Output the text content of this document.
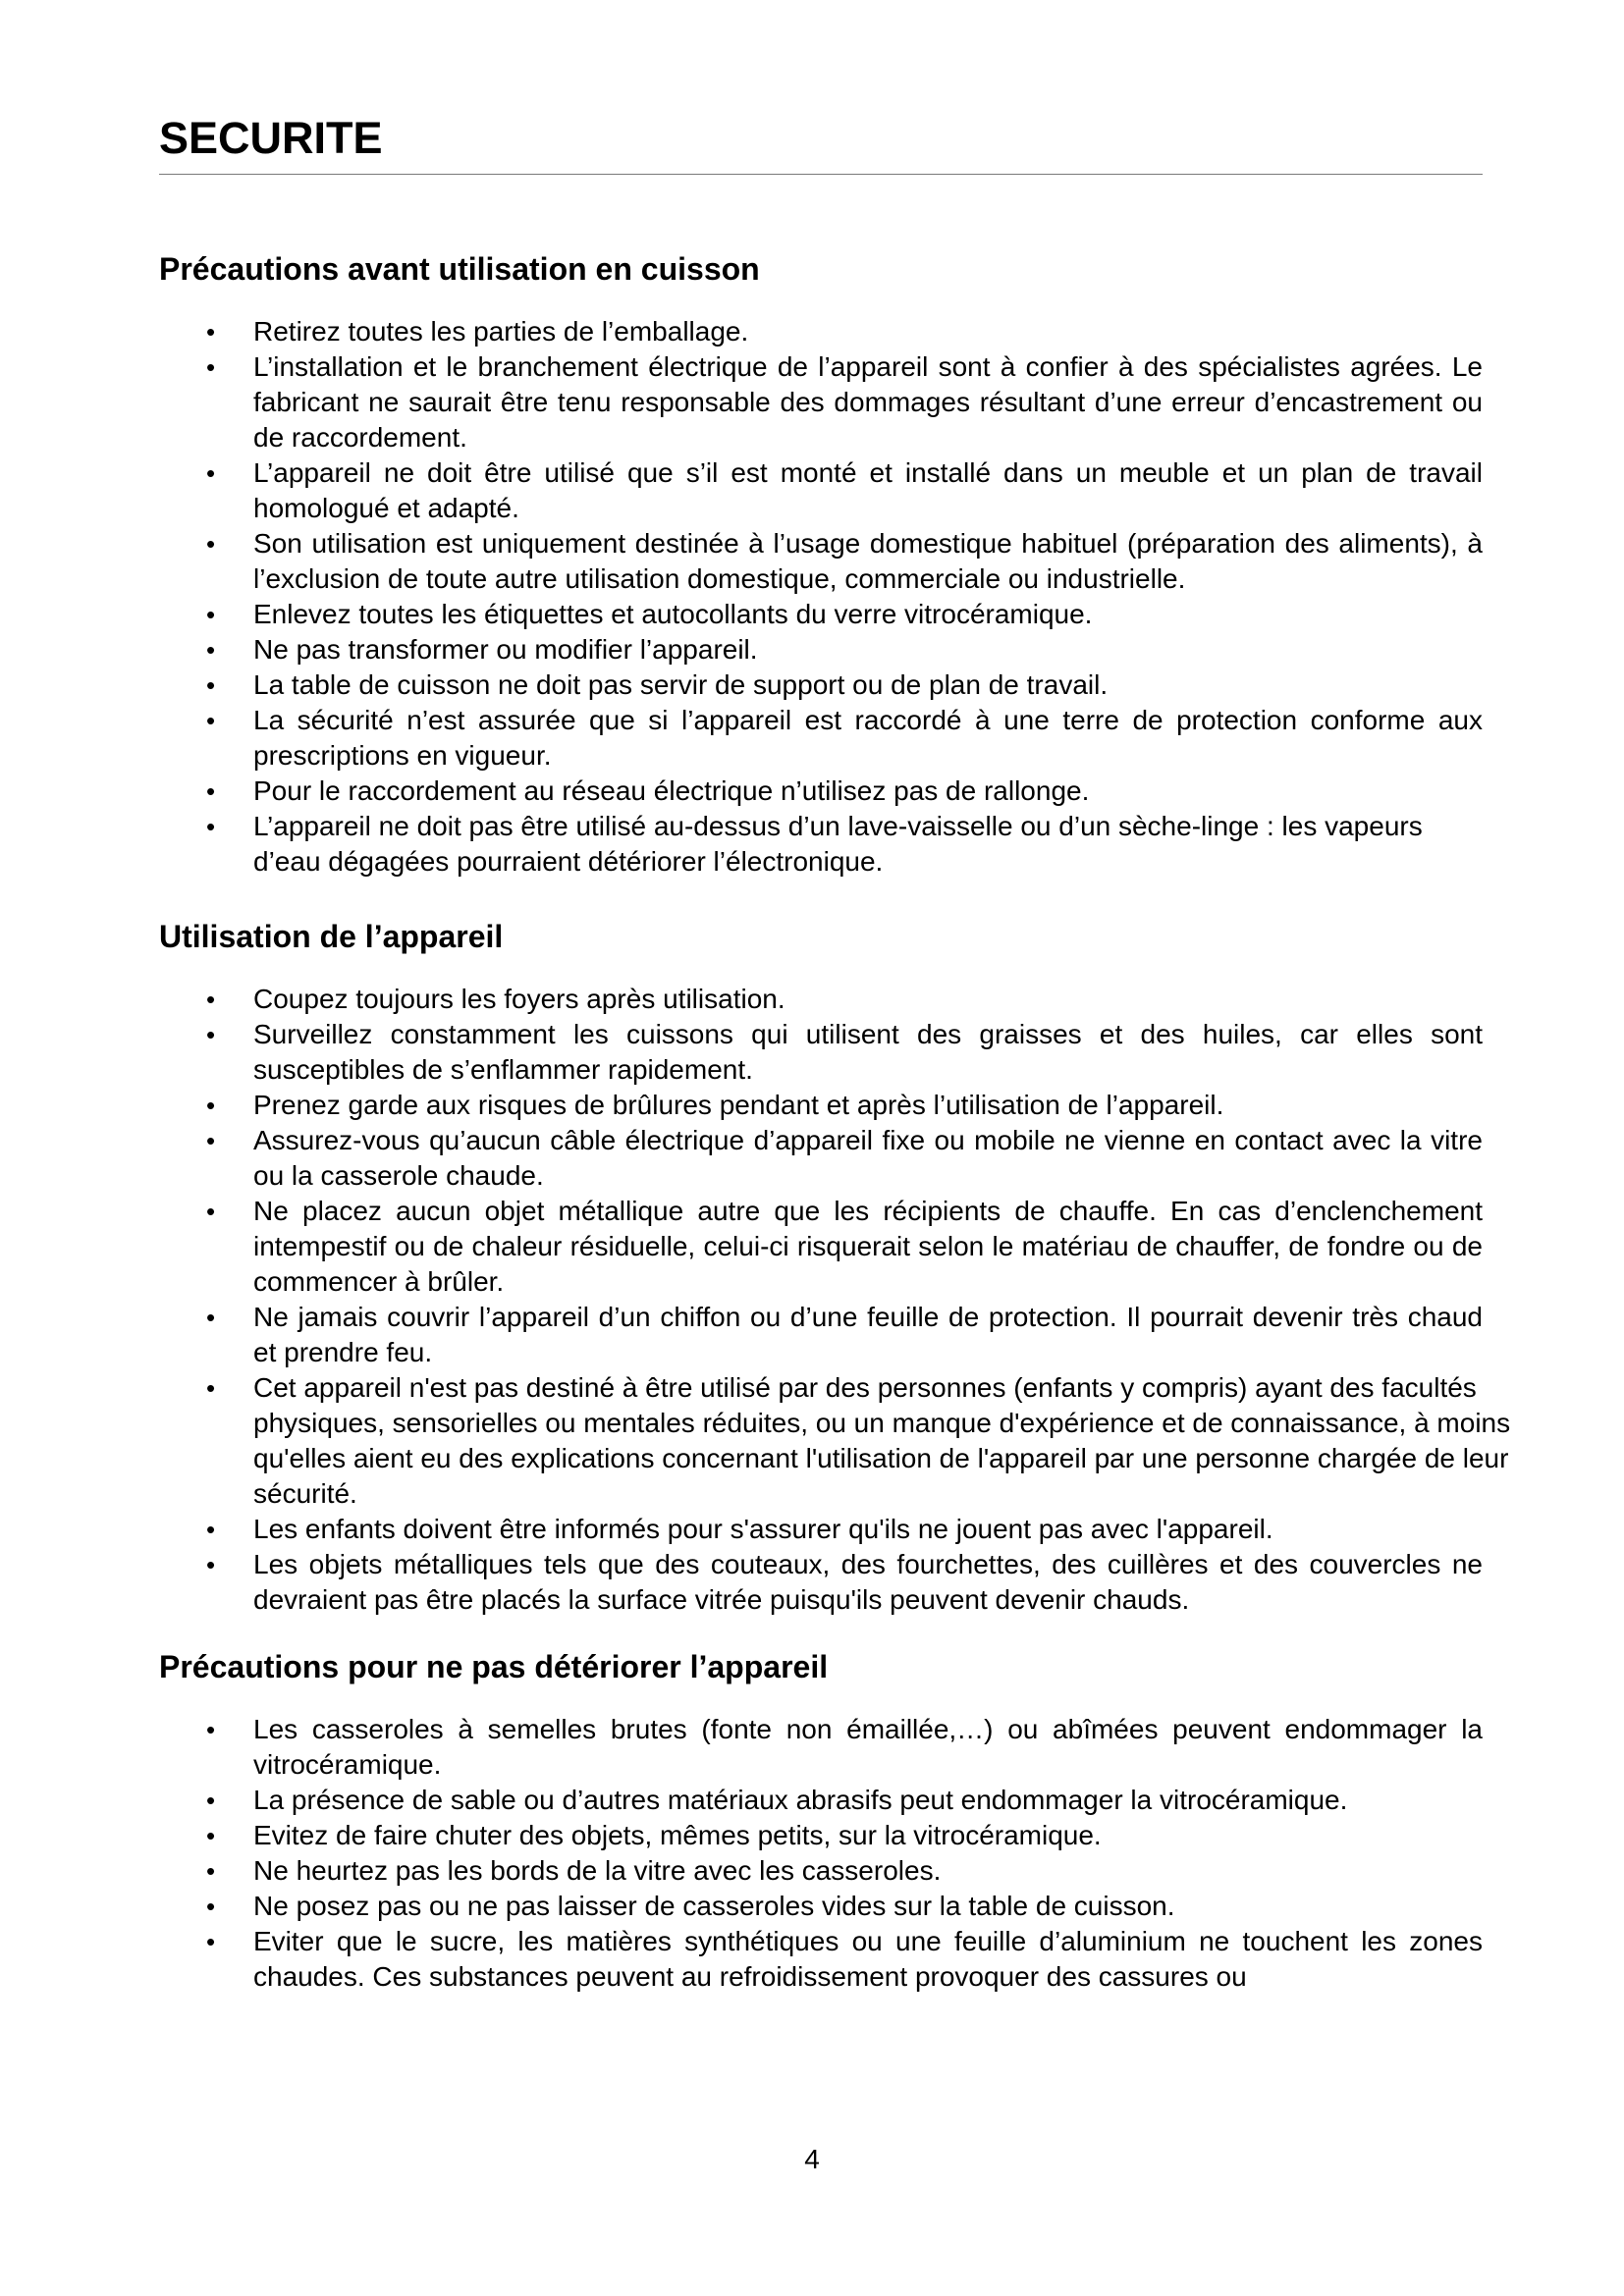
SECURITE
Précautions avant utilisation en cuisson
• Retirez toutes les parties de l’emballage.
• L’installation et le branchement électrique de l’appareil sont à confier à des spécialistes agrées. Le fabricant ne saurait être tenu responsable des dommages résultant d’une erreur d’encastrement ou de raccordement.
• L’appareil ne doit être utilisé que s’il est monté et installé dans un meuble et un plan de travail homologué et adapté.
• Son utilisation est uniquement destinée à l’usage domestique habituel (préparation des aliments), à l’exclusion de toute autre utilisation domestique, commerciale ou industrielle.
• Enlevez toutes les étiquettes et autocollants du verre vitrocéramique.
• Ne pas transformer ou modifier l’appareil.
• La table de cuisson ne doit pas servir de support ou de plan de travail.
• La sécurité n’est assurée que si l’appareil est raccordé à une terre de protection conforme aux prescriptions en vigueur.
• Pour le raccordement au réseau électrique n’utilisez pas de rallonge.
• L’appareil ne doit pas être utilisé au-dessus d’un lave-vaisselle ou d’un sèche-linge : les vapeurs d’eau dégagées pourraient détériorer l’électronique.
Utilisation de l’appareil
• Coupez toujours les foyers après utilisation.
• Surveillez constamment les cuissons qui utilisent des graisses et des huiles, car elles sont susceptibles de s’enflammer rapidement.
• Prenez garde aux risques de brûlures pendant et après l’utilisation de l’appareil.
• Assurez-vous qu’aucun câble électrique d’appareil fixe ou mobile ne vienne en contact avec la vitre ou la casserole chaude.
• Ne placez aucun objet métallique autre que les récipients de chauffe. En cas d’enclenchement intempestif ou de chaleur résiduelle, celui-ci risquerait selon le matériau de chauffer, de fondre ou de commencer à brûler.
• Ne jamais couvrir l’appareil d’un chiffon ou d’une feuille de protection. Il pourrait devenir très chaud et prendre feu.
• Cet appareil n'est pas destiné à être utilisé par des personnes (enfants y compris) ayant des facultés physiques, sensorielles ou mentales réduites, ou un manque d'expérience et de connaissance, à moins qu'elles aient eu des explications concernant l'utilisation de l'appareil par une personne chargée de leur sécurité.
• Les enfants doivent être informés pour s'assurer qu'ils ne jouent pas avec l'appareil.
• Les objets métalliques tels que des couteaux, des fourchettes, des cuillères et des couvercles ne devraient pas être placés la surface vitrée puisqu'ils peuvent devenir chauds.
Précautions pour ne pas détériorer l’appareil
• Les casseroles à semelles brutes (fonte non émaillée,…) ou abîmées peuvent endommager la vitrocéramique.
• La présence de sable ou d’autres matériaux abrasifs peut endommager la vitrocéramique.
• Evitez de faire chuter des objets, mêmes petits, sur la vitrocéramique.
• Ne heurtez pas les bords de la vitre avec les casseroles.
• Ne posez pas ou ne pas laisser de casseroles vides sur la table de cuisson.
• Eviter que le sucre, les matières synthétiques ou une feuille d’aluminium ne touchent les zones chaudes. Ces substances peuvent au refroidissement provoquer des cassures ou
4
